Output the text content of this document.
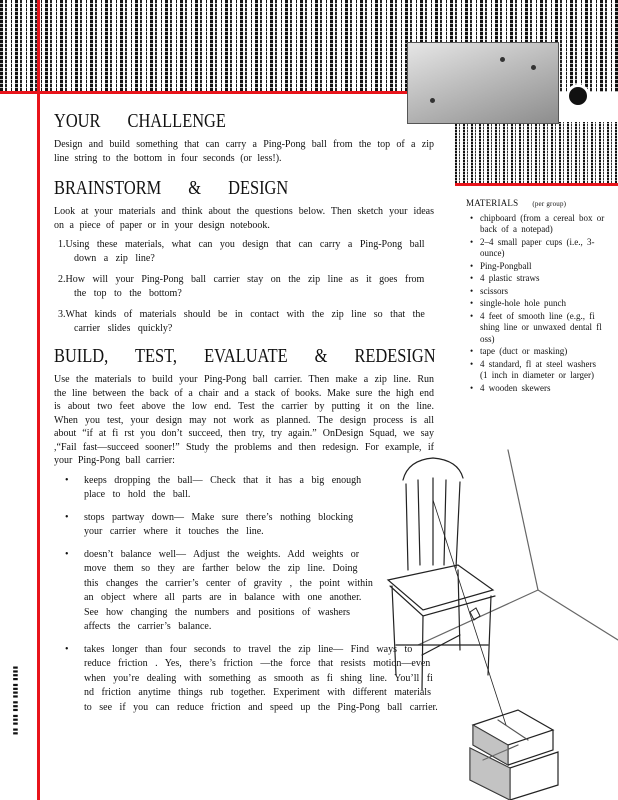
YOUR CHALLENGE

Design and build something that can carry a Ping-Pong ball from the top of a zip line string to the bottom in four seconds (or less!).

BRAINSTORM & DESIGN

Look at your materials and think about the questions below. Then sketch your ideas on a piece of paper or in your design notebook.

1.Using these materials, what can you design that can carry a Ping-Pong ball down a zip line?
2.How will your Ping-Pong ball carrier stay on the zip line as it goes from the top to the bottom?
3.What kinds of materials should be in contact with the zip line so that the carrier slides quickly?
BUILD, TEST, EVALUATE & REDESIGN

Use the materials to build your Ping-Pong ball carrier. Then make a zip line. Run the line between the back of a chair and a stack of books. Make sure the high end is about two feet above the low end. Test the carrier by putting it on the line. When you test, your design may not work as planned. The design process is all about “if at fi rst you don’t succeed, then try, try again.” OnDesign Squad, we say ,“Fail fast—succeed sooner!” Study the problems and then redesign. For example, if your Ping-Pong ball carrier:

• keeps dropping the ball— Check that it has a big enough place to hold the ball.
• stops partway down— Make sure there’s nothing blocking your carrier where it touches the line.
• doesn’t balance well— Adjust the weights. Add weights or move them so they are farther below the zip line. Doing this changes the carrier’s center of gravity , the point within an object where all parts are in balance with one another. See how changing the numbers and positions of washers affects the carrier’s balance.
• takes longer than four seconds to travel the zip line— Find ways to reduce friction . Yes, there’s friction —the force that resists motion—even when you’re dealing with something as smooth as fi shing line. You’ll fi nd friction anytime things rub together. Experiment with different materials to see if you can reduce friction and speed up the Ping-Pong ball carrier.
MATERIALS (per group)
• chipboard (from a cereal box or back of a notepad)
• 2–4 small paper cups (i.e., 3-ounce)
• Ping-Pongball
• 4 plastic straws
• scissors
• single-hole hole punch
• 4 feet of smooth line (e.g., fi shing line or unwaxed dental fl oss)
• tape (duct or masking)
• 4 standard, fl at steel washers (1 inch in diameter or larger)
• 4 wooden skewers
▮▮ ▮▮▮ ▮▮▮ ▮▮▮▮ ▮▮▮▮
